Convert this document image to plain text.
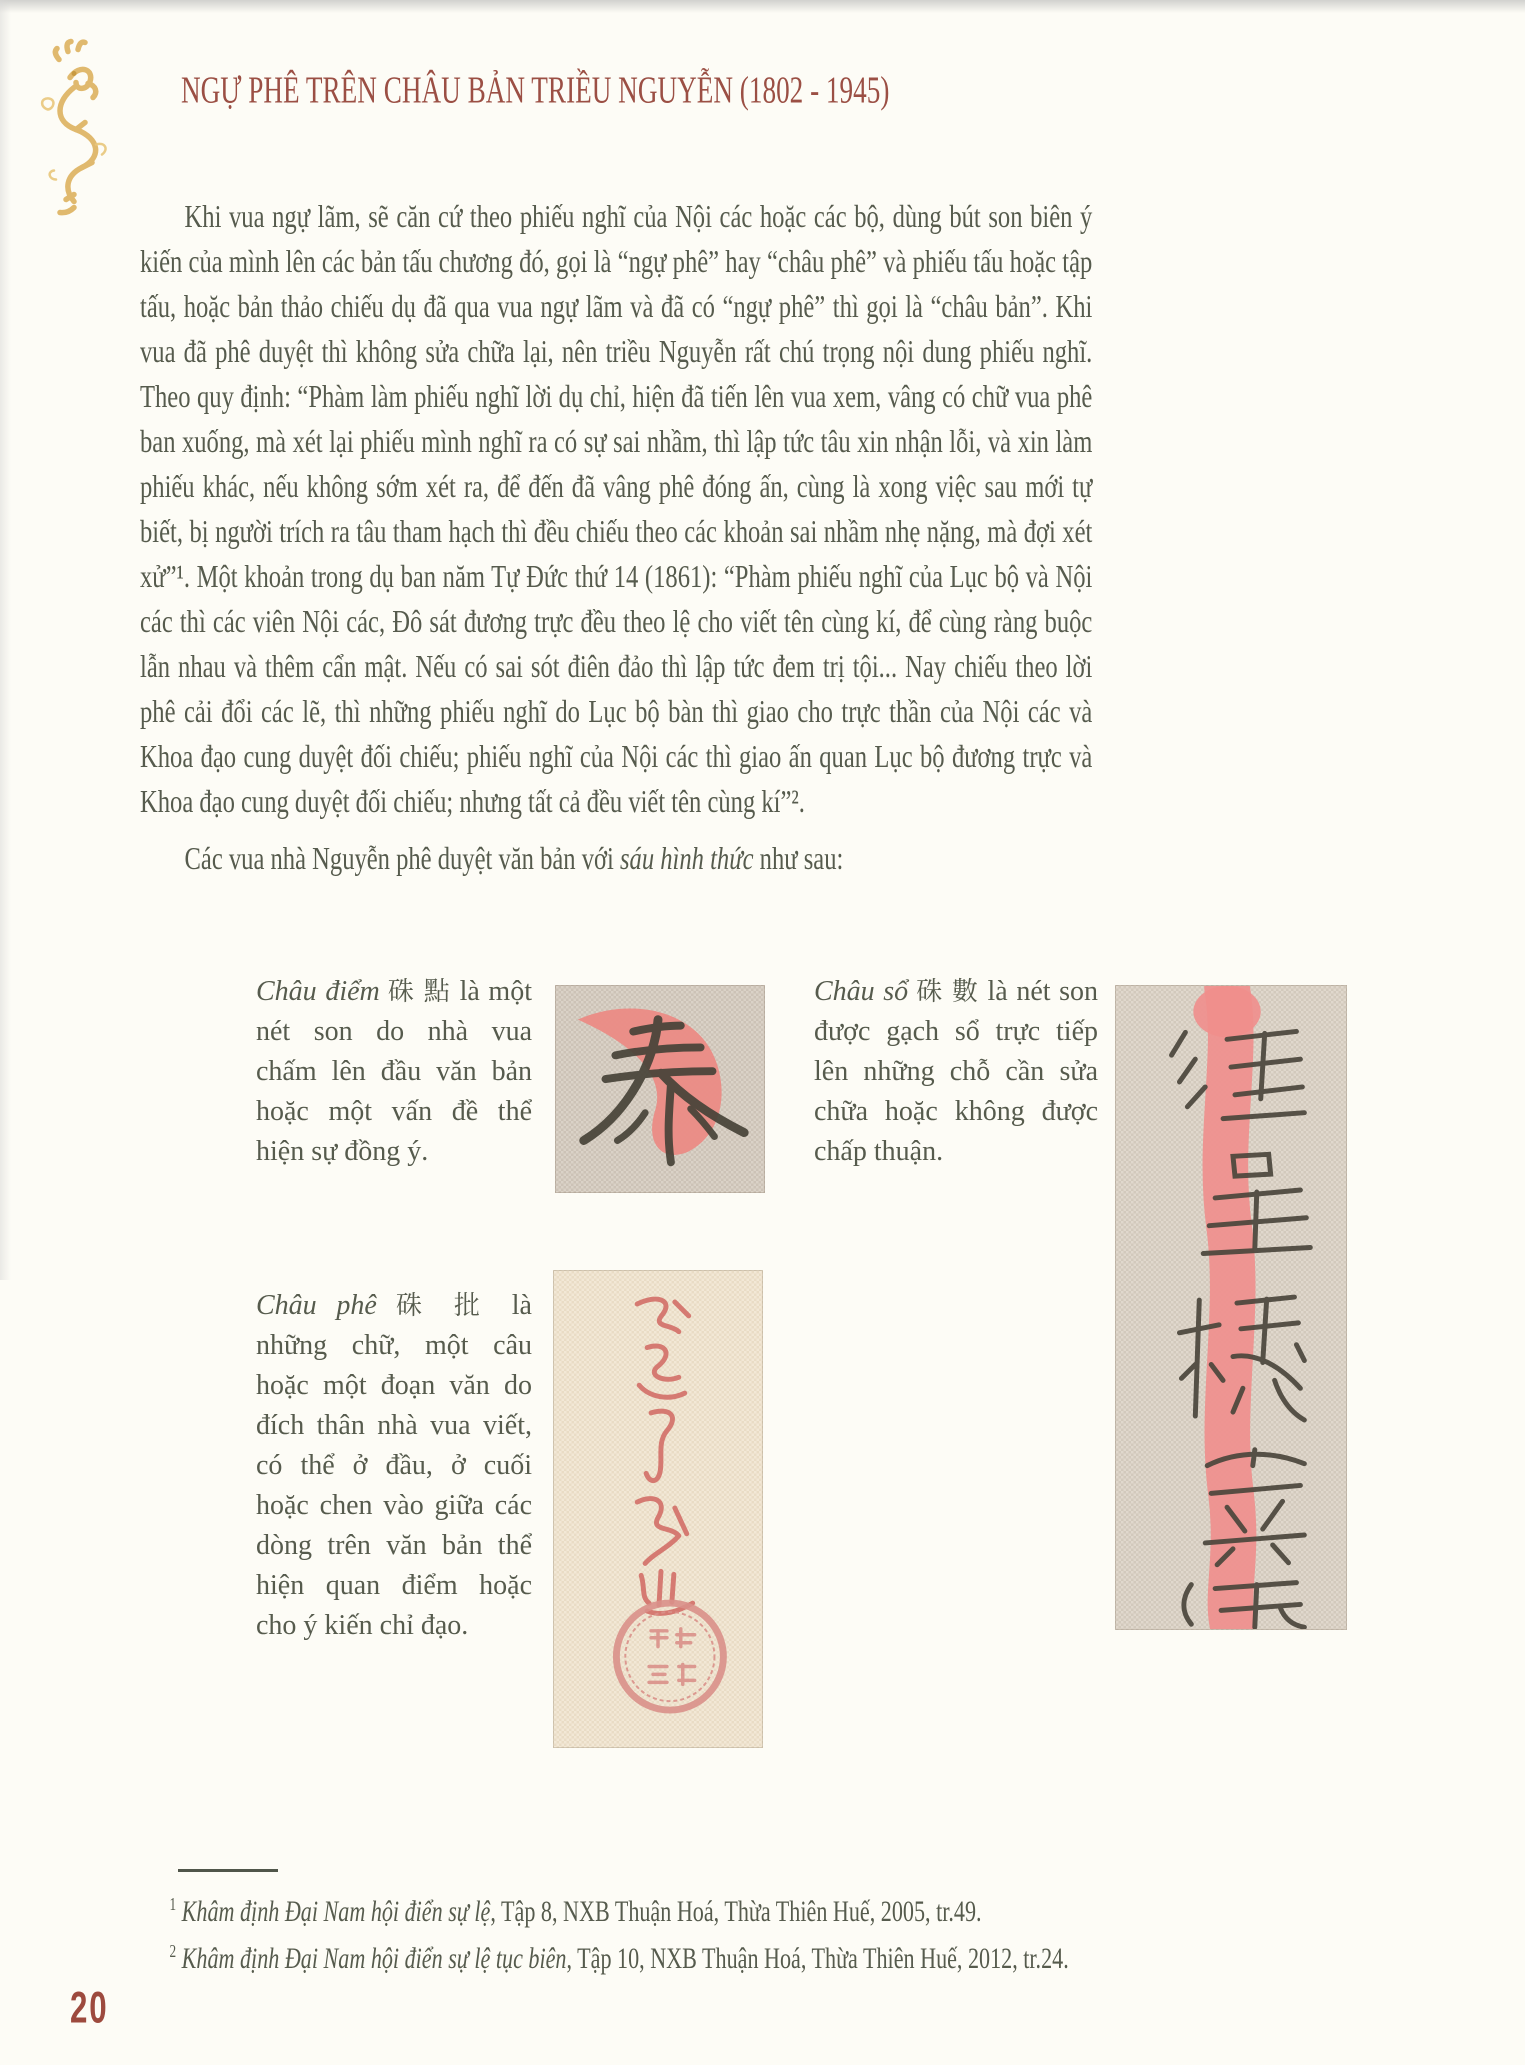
NGỰ PHÊ TRÊN CHÂU BẢN TRIỀU NGUYỄN (1802 - 1945)

Khi vua ngự lãm, sẽ căn cứ theo phiếu nghĩ của Nội các hoặc các bộ, dùng bút son biên ý kiến của mình lên các bản tấu chương đó, gọi là “ngự phê” hay “châu phê” và phiếu tấu hoặc tập tấu, hoặc bản thảo chiếu dụ đã qua vua ngự lãm và đã có “ngự phê” thì gọi là “châu bản”. Khi vua đã phê duyệt thì không sửa chữa lại, nên triều Nguyễn rất chú trọng nội dung phiếu nghĩ. Theo quy định: “Phàm làm phiếu nghĩ lời dụ chỉ, hiện đã tiến lên vua xem, vâng có chữ vua phê ban xuống, mà xét lại phiếu mình nghĩ ra có sự sai nhầm, thì lập tức tâu xin nhận lỗi, và xin làm phiếu khác, nếu không sớm xét ra, để đến đã vâng phê đóng ấn, cùng là xong việc sau mới tự biết, bị người trích ra tâu tham hạch thì đều chiếu theo các khoản sai nhầm nhẹ nặng, mà đợi xét xử”¹. Một khoản trong dụ ban năm Tự Đức thứ 14 (1861): “Phàm phiếu nghĩ của Lục bộ và Nội các thì các viên Nội các, Đô sát đương trực đều theo lệ cho viết tên cùng kí, để cùng ràng buộc lẫn nhau và thêm cẩn mật. Nếu có sai sót điên đảo thì lập tức đem trị tội... Nay chiếu theo lời phê cải đổi các lẽ, thì những phiếu nghĩ do Lục bộ bàn thì giao cho trực thần của Nội các và Khoa đạo cung duyệt đối chiếu; phiếu nghĩ của Nội các thì giao ấn quan Lục bộ đương trực và Khoa đạo cung duyệt đối chiếu; nhưng tất cả đều viết tên cùng kí”².

Các vua nhà Nguyễn phê duyệt văn bản với sáu hình thức như sau:

Châu điểm 硃 點 là một nét son do nhà vua chấm lên đầu văn bản hoặc một vấn đề thể hiện sự đồng ý.
Châu sổ 硃 數 là nét son được gạch sổ trực tiếp lên những chỗ cần sửa chữa hoặc không được chấp thuận.
Châu phê 硃 批 là những chữ, một câu hoặc một đoạn văn do đích thân nhà vua viết, có thể ở đầu, ở cuối hoặc chen vào giữa các dòng trên văn bản thể hiện quan điểm hoặc cho ý kiến chỉ đạo.

$^1$ Khâm định Đại Nam hội điển sự lệ, Tập 8, NXB Thuận Hoá, Thừa Thiên Huế, 2005, tr.49.

$^2$ Khâm định Đại Nam hội điển sự lệ tục biên, Tập 10, NXB Thuận Hoá, Thừa Thiên Huế, 2012, tr.24.

20
